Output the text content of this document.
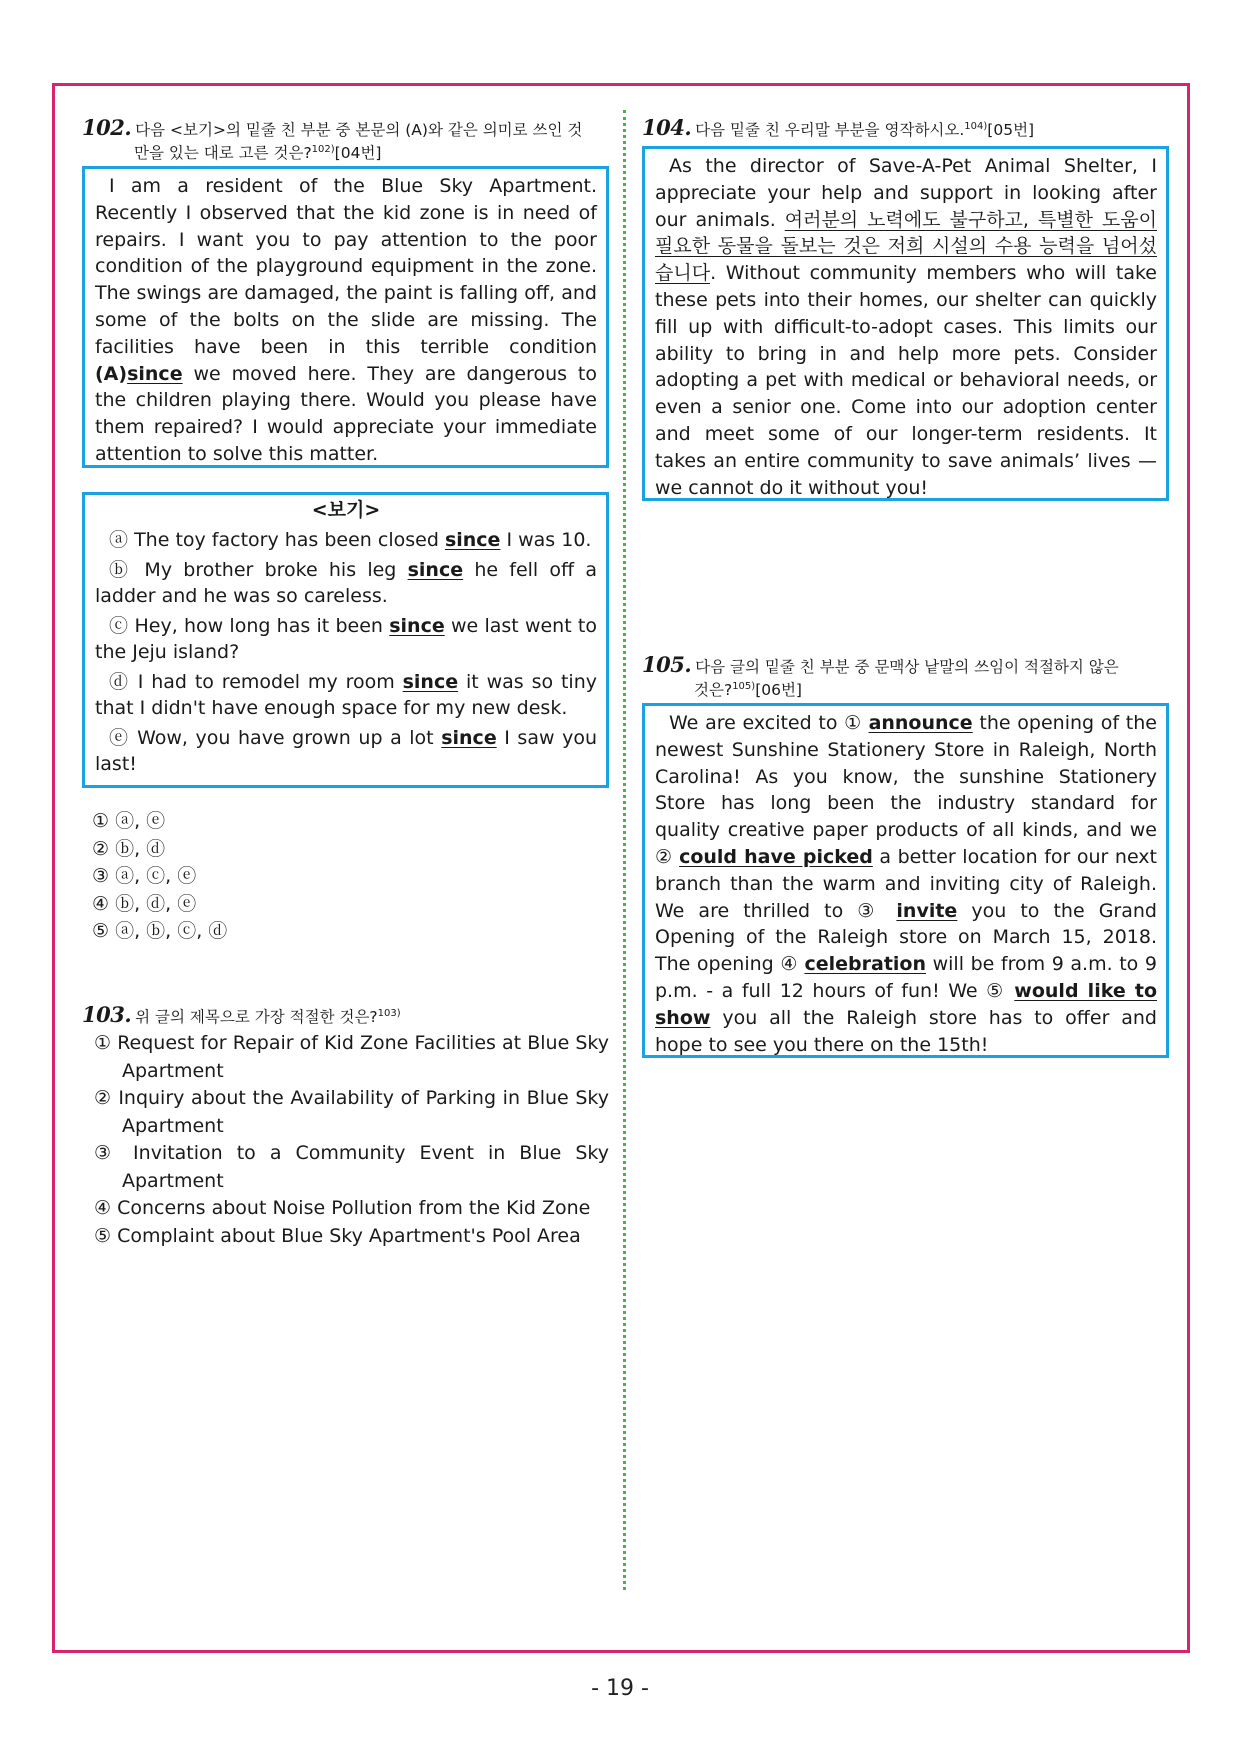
102. 다음 <보기>의 밑줄 친 부분 중 본문의 (A)와 같은 의미로 쓰인 것
만을 있는 대로 고른 것은?$^{102)}$[04번]

I am a resident of the Blue Sky Apartment. Recently I observed that the kid zone is in need of repairs. I want you to pay attention to the poor condition of the playground equipment in the zone. The swings are damaged, the paint is falling off, and some of the bolts on the slide are missing. The facilities have been in this terrible condition (A)since we moved here. They are dangerous to the children playing there. Would you please have them repaired? I would appreciate your immediate attention to solve this matter.

<보기>
ⓐ The toy factory has been closed since I was 10.
ⓑ My brother broke his leg since he fell off a ladder and he was so careless.
ⓒ Hey, how long has it been since we last went to the Jeju island?
ⓓ I had to remodel my room since it was so tiny that I didn't have enough space for my new desk.
ⓔ Wow, you have grown up a lot since I saw you last!
① ⓐ, ⓔ
② ⓑ, ⓓ
③ ⓐ, ⓒ, ⓔ
④ ⓑ, ⓓ, ⓔ
⑤ ⓐ, ⓑ, ⓒ, ⓓ
103. 위 글의 제목으로 가장 적절한 것은?$^{103)}$
① Request for Repair of Kid Zone Facilities at Blue Sky Apartment
② Inquiry about the Availability of Parking in Blue Sky Apartment
③ Invitation to a Community Event in Blue Sky Apartment
④ Concerns about Noise Pollution from the Kid Zone
⑤ Complaint about Blue Sky Apartment's Pool Area
104. 다음 밑줄 친 우리말 부분을 영작하시오.$^{104)}$[05번]

As the director of Save-A-Pet Animal Shelter, I appreciate your help and support in looking after our animals. 여러분의 노력에도 불구하고, 특별한 도움이 필요한 동물을 돌보는 것은 저희 시설의 수용 능력을 넘어섰습니다. Without community members who will take these pets into their homes, our shelter can quickly fill up with difficult-to-adopt cases. This limits our ability to bring in and help more pets. Consider adopting a pet with medical or behavioral needs, or even a senior one. Come into our adoption center and meet some of our longer-term residents. It takes an entire community to save animals’ lives — we cannot do it without you!

105. 다음 글의 밑줄 친 부분 중 문맥상 낱말의 쓰임이 적절하지 않은
것은?$^{105)}$[06번]

We are excited to ① announce the opening of the newest Sunshine Stationery Store in Raleigh, North Carolina! As you know, the sunshine Stationery Store has long been the industry standard for quality creative paper products of all kinds, and we ② could have picked a better location for our next branch than the warm and inviting city of Raleigh. We are thrilled to ③ invite you to the Grand Opening of the Raleigh store on March 15, 2018. The opening ④ celebration will be from 9 a.m. to 9 p.m. - a full 12 hours of fun! We ⑤ would like to show you all the Raleigh store has to offer and hope to see you there on the 15th!

- 19 -
